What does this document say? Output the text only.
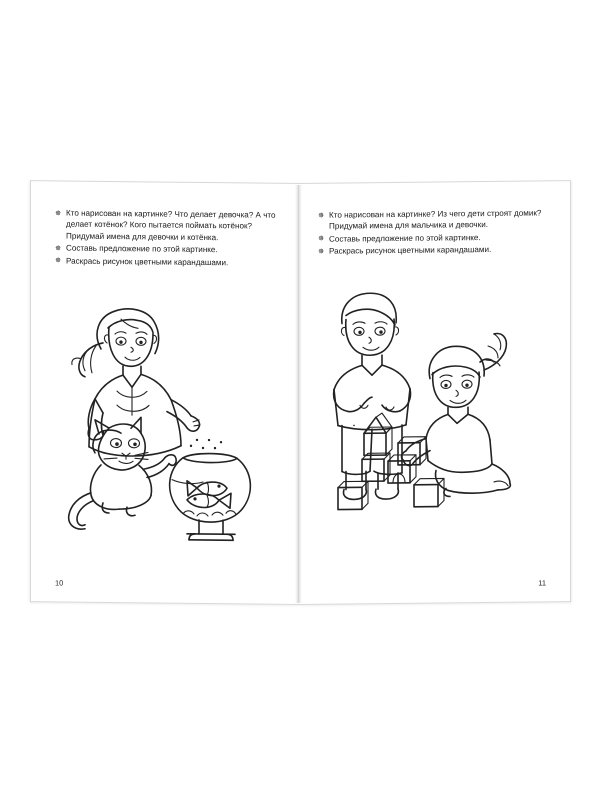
✵ Кто нарисован на картинке? Что делает девочка? А что делает котёнок? Кого пытается поймать котёнок? Придумай имена для девочки и котёнка.
✵ Составь предложение по этой картинке.
✵ Раскрась рисунок цветными карандашами.
10
✵ Кто нарисован на картинке? Из чего дети строят домик? Придумай имена для мальчика и девочки.
✵ Составь предложение по этой картинке.
✵ Раскрась рисунок цветными карандашами.
11
